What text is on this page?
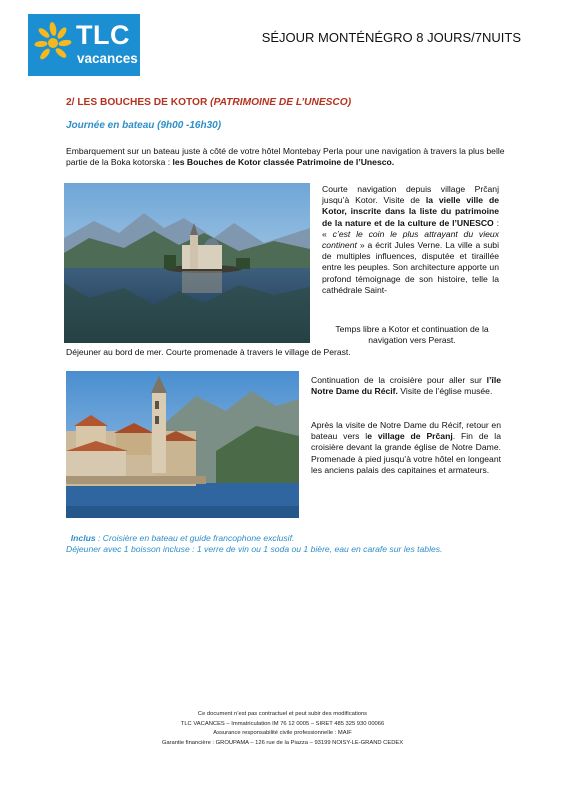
TLC
vacances
SÉJOUR MONTÉNÉGRO 8 JOURS/7NUITS
2/ LES BOUCHES DE KOTOR (PATRIMOINE DE L’UNESCO)
Journée en bateau (9h00 -16h30)
Embarquement sur un bateau juste à côté de votre hôtel Montebay Perla pour une navigation à travers la plus belle partie de la Boka kotorska : les Bouches de Kotor classée Patrimoine de l’Unesco.
Courte navigation depuis village Prčanj jusqu’à Kotor. Visite de la vielle ville de Kotor, inscrite dans la liste du patrimoine de la nature et de la culture de l’UNESCO : « c’est le coin le plus attrayant du vieux continent » a écrit Jules Verne. La ville a subi de multiples influences, disputée et tiraillée entre les peuples. Son architecture apporte un profond témoignage de son histoire, telle la cathédrale Saint-
Temps libre a Kotor et continuation de la navigation vers Perast.
Déjeuner au bord de mer. Courte promenade à travers le village de Perast.
Continuation de la croisière pour aller sur l’île Notre Dame du Récif. Visite de l’église musée.
Après la visite de Notre Dame du Récif, retour en bateau vers le village de Prčanj. Fin de la croisière devant la grande église de Notre Dame. Promenade à pied jusqu’à votre hôtel en longeant les anciens palais des capitaines et armateurs.
Inclus : Croisière en bateau et guide francophone exclusif.
Déjeuner avec 1 boisson incluse : 1 verre de vin ou 1 soda ou 1 bière, eau en carafe sur les tables.
Ce document n’est pas contractuel et peut subir des modifications
TLC VACANCES – Immatriculation IM 76 12 0005 – SIRET 485 325 930 00066
Assurance responsabilité civile professionnelle : MAIF
Garantie financière : GROUPAMA – 126 rue de la Piazza – 93199 NOISY-LE-GRAND CEDEX
